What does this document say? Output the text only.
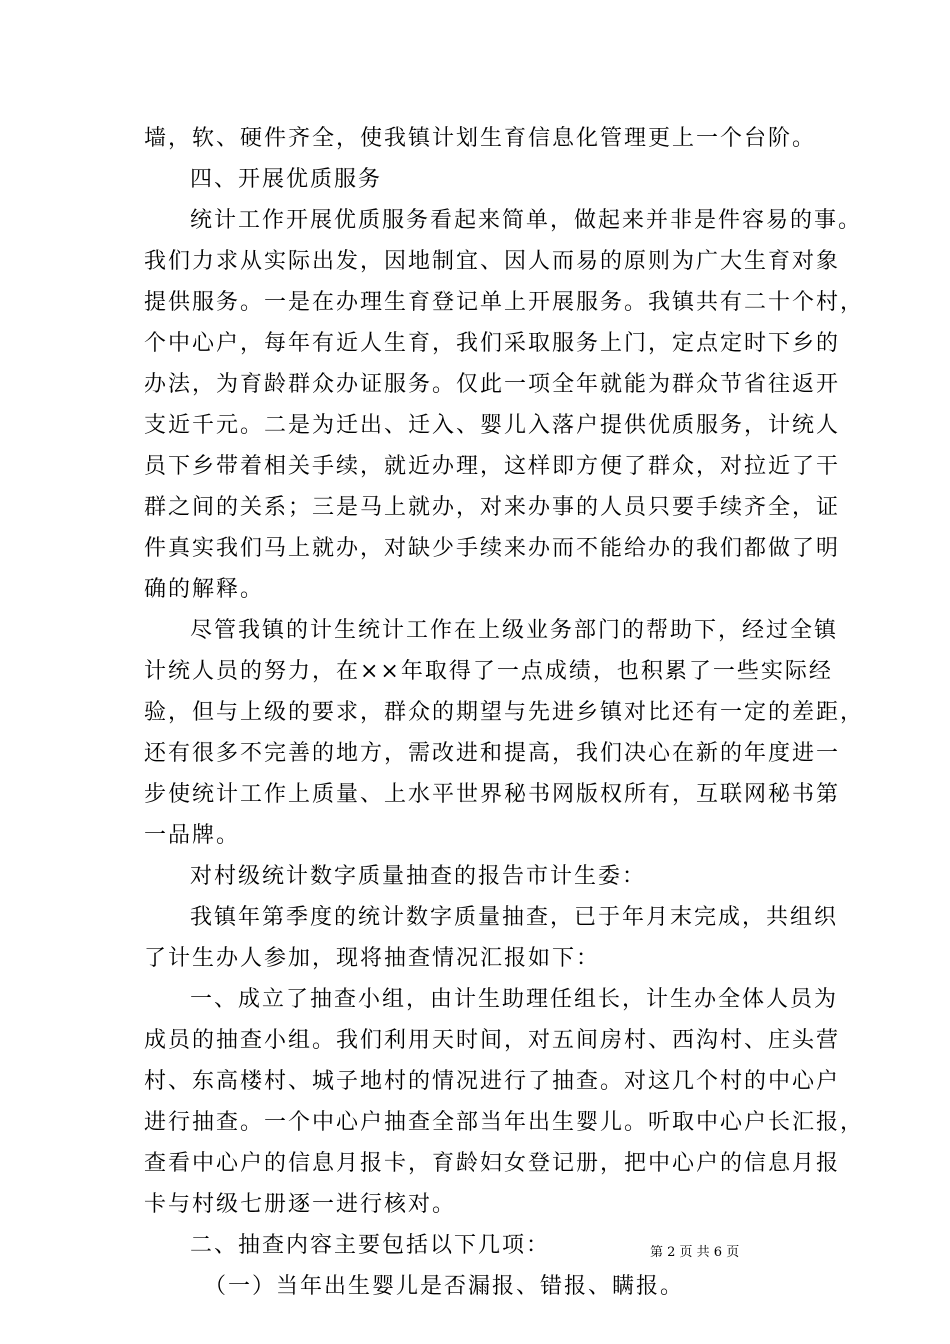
墙，软、硬件齐全，使我镇计划生育信息化管理更上一个台阶。
四、开展优质服务
统计工作开展优质服务看起来简单，做起来并非是件容易的事。
我们力求从实际出发，因地制宜、因人而易的原则为广大生育对象
提供服务。一是在办理生育登记单上开展服务。我镇共有二十个村，
个中心户，每年有近人生育，我们采取服务上门，定点定时下乡的
办法，为育龄群众办证服务。仅此一项全年就能为群众节省往返开
支近千元。二是为迁出、迁入、婴儿入落户提供优质服务，计统人
员下乡带着相关手续，就近办理，这样即方便了群众，对拉近了干
群之间的关系；三是马上就办，对来办事的人员只要手续齐全，证
件真实我们马上就办，对缺少手续来办而不能给办的我们都做了明
确的解释。
尽管我镇的计生统计工作在上级业务部门的帮助下，经过全镇
计统人员的努力，在××年取得了一点成绩，也积累了一些实际经
验，但与上级的要求，群众的期望与先进乡镇对比还有一定的差距，
还有很多不完善的地方，需改进和提高，我们决心在新的年度进一
步使统计工作上质量、上水平世界秘书网版权所有，互联网秘书第
一品牌。
对村级统计数字质量抽查的报告市计生委：
我镇年第季度的统计数字质量抽查，已于年月末完成，共组织
了计生办人参加，现将抽查情况汇报如下：
一、成立了抽查小组，由计生助理任组长，计生办全体人员为
成员的抽查小组。我们利用天时间，对五间房村、西沟村、庄头营
村、东高楼村、城子地村的情况进行了抽查。对这几个村的中心户
进行抽查。一个中心户抽查全部当年出生婴儿。听取中心户长汇报，
查看中心户的信息月报卡，育龄妇女登记册，把中心户的信息月报
卡与村级七册逐一进行核对。
二、抽查内容主要包括以下几项：
（一）当年出生婴儿是否漏报、错报、瞒报。
第 2 页 共 6 页
